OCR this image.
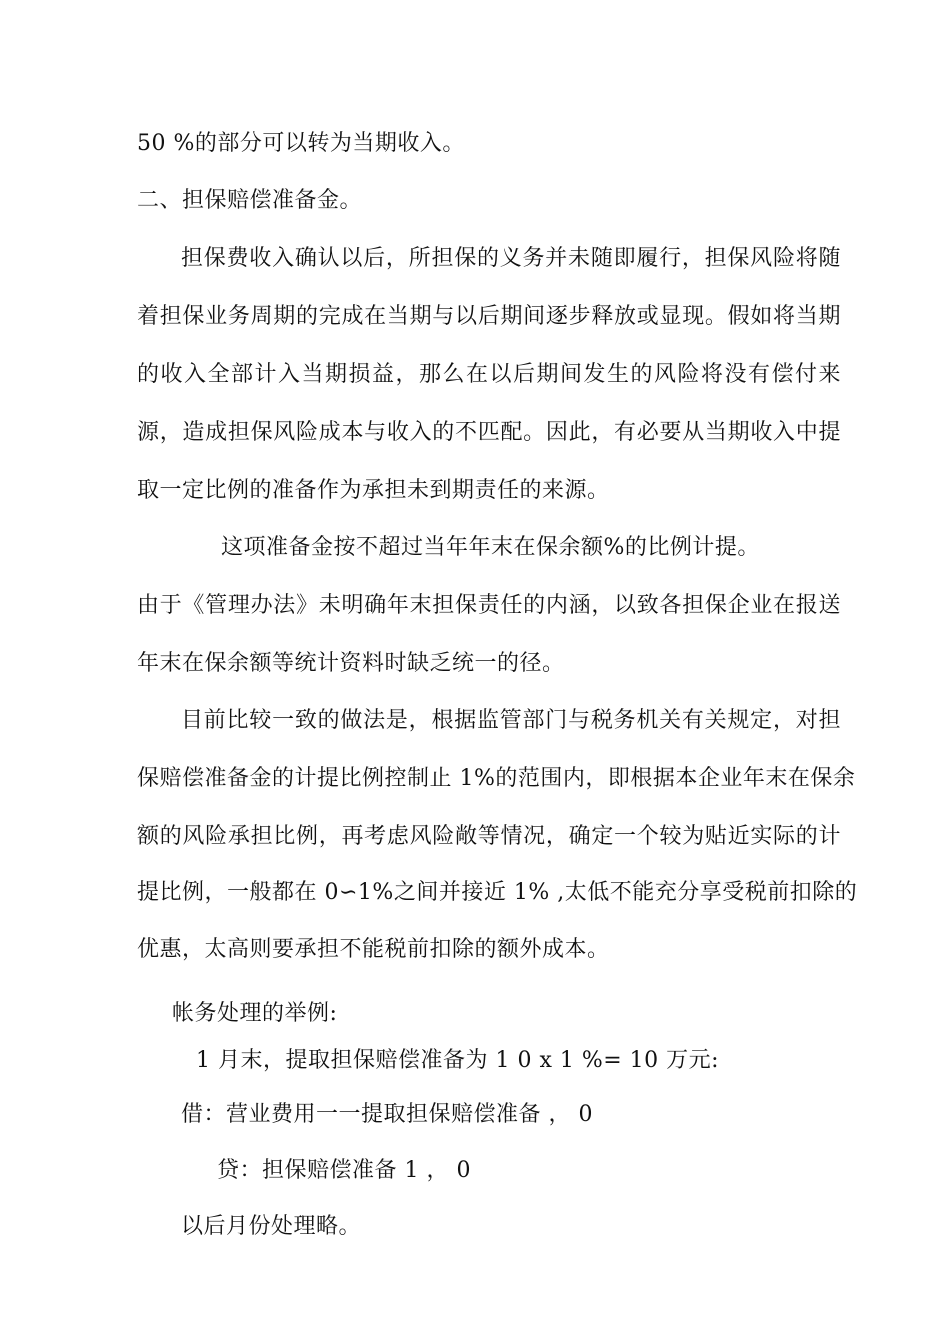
50 %的部分可以转为当期收入。
二、担保赔偿准备金。
担保费收入确认以后，所担保的义务并未随即履行，担保风险将随
着担保业务周期的完成在当期与以后期间逐步释放或显现。假如将当期
的收入全部计入当期损益，那么在以后期间发生的风险将没有偿付来
源，造成担保风险成本与收入的不匹配。因此，有必要从当期收入中提
取一定比例的准备作为承担未到期责任的来源。
这项准备金按不超过当年年末在保余额%的比例计提。
由于《管理办法》未明确年末担保责任的内涵，以致各担保企业在报送
年末在保余额等统计资料时缺乏统一的径。
目前比较一致的做法是，根据监管部门与税务机关有关规定，对担
保赔偿准备金的计提比例控制止 1%的范围内，即根据本企业年末在保余
额的风险承担比例，再考虑风险敞等情况，确定一个较为贴近实际的计
提比例，一般都在 0∽1%之间并接近 1% ,太低不能充分享受税前扣除的
优惠，太高则要承担不能税前扣除的额外成本。
帐务处理的举例:
1 月末，提取担保赔偿准备为 1 0 x 1 %= 10 万元:
借：营业费用一一提取担保赔偿准备 ， 0
贷：担保赔偿准备 1 ， 0
以后月份处理略。
